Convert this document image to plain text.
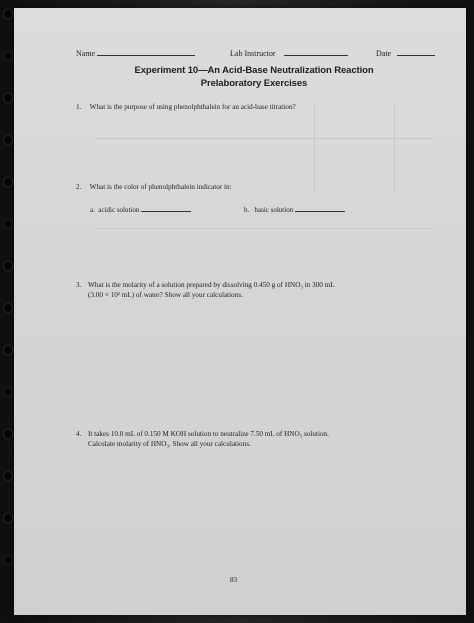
Name	Lab Instructor	Date
Experiment 10—An Acid-Base Neutralization Reaction
Prelaboratory Exercises
1. What is the purpose of using phenolphthalein for an acid-base titration?
2. What is the color of phenolphthalein indicator in:
a. acidic solution	b. basic solution
3. What is the molarity of a solution prepared by dissolving 0.450 g of HNO₃ in 300 mL
(3.00 × 10² mL) of water? Show all your calculations.
4. It takes 10.0 mL of 0.150 M KOH solution to neutralize 7.50 mL of HNO₃ solution.
Calculate molarity of HNO₃. Show all your calculations.
83
